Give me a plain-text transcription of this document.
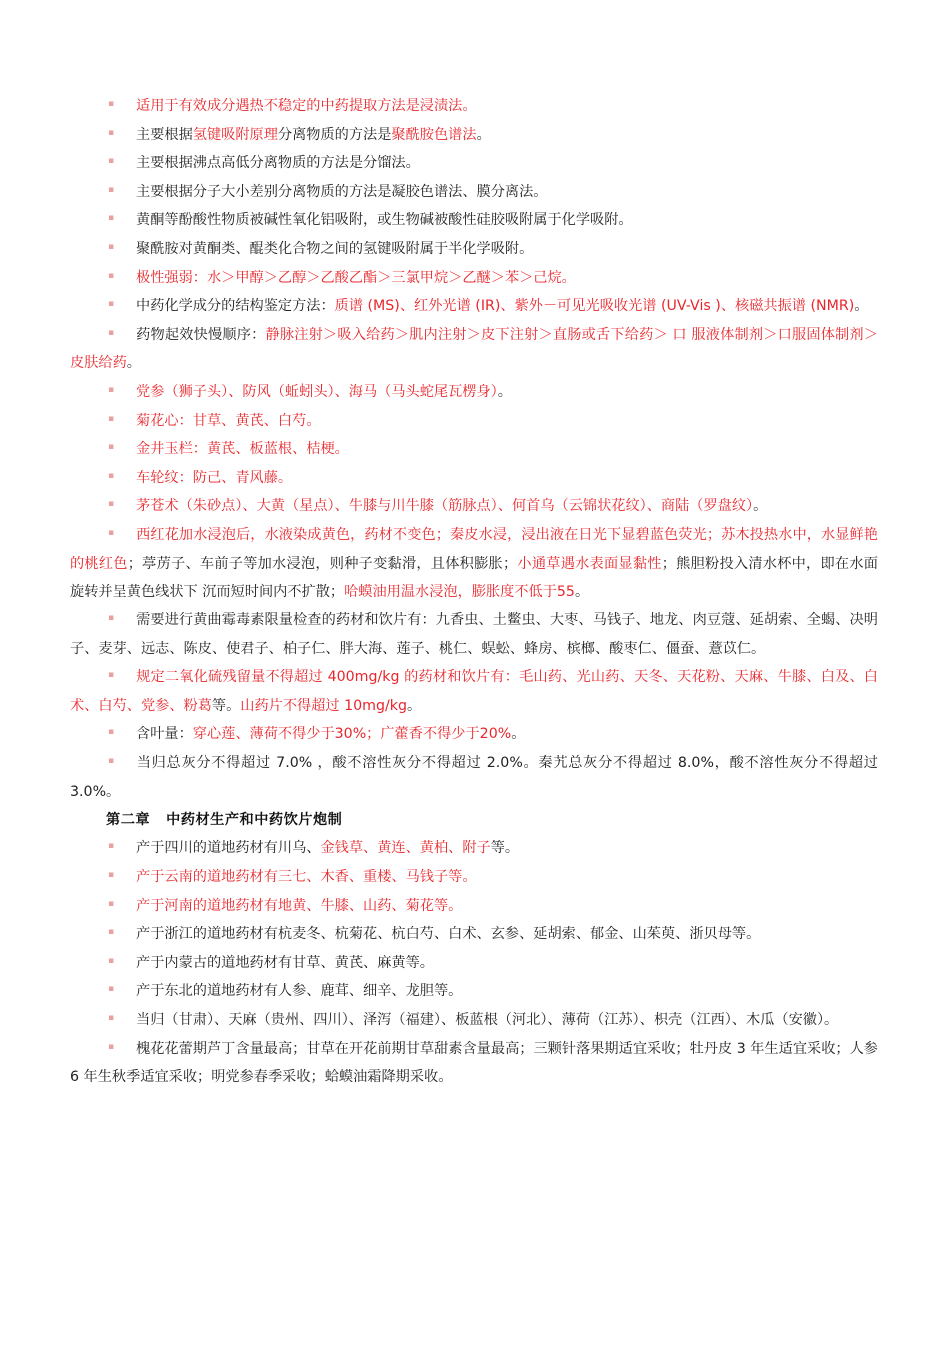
▪ 适用于有效成分遇热不稳定的中药提取方法是浸渍法。

▪ 主要根据氢键吸附原理分离物质的方法是聚酰胺色谱法。

▪ 主要根据沸点高低分离物质的方法是分馏法。

▪ 主要根据分子大小差别分离物质的方法是凝胶色谱法、膜分离法。

▪ 黄酮等酚酸性物质被碱性氧化铝吸附，或生物碱被酸性硅胶吸附属于化学吸附。

▪ 聚酰胺对黄酮类、醌类化合物之间的氢键吸附属于半化学吸附。

▪ 极性强弱：水＞甲醇＞乙醇＞乙酸乙酯＞三氯甲烷＞乙醚＞苯＞己烷。

▪ 中药化学成分的结构鉴定方法：质谱 (MS)、红外光谱 (IR)、紫外－可见光吸收光谱 (UV-Vis )、核磁共振谱 (NMR)。

▪ 药物起效快慢顺序：静脉注射＞吸入给药＞肌内注射＞皮下注射＞直肠或舌下给药＞ 口 服液体制剂＞口服固体制剂＞皮肤给药。

▪ 党参（狮子头）、防风（蚯蚓头）、海马（马头蛇尾瓦楞身）。

▪ 菊花心：甘草、黄芪、白芍。

▪ 金井玉栏：黄芪、板蓝根、桔梗。

▪ 车轮纹：防己、青风藤。

▪ 茅苍术（朱砂点）、大黄（星点）、牛膝与川牛膝（筋脉点）、何首乌（云锦状花纹）、商陆（罗盘纹）。

▪ 西红花加水浸泡后，水液染成黄色，药材不变色；秦皮水浸，浸出液在日光下显碧蓝色荧光；苏木投热水中，水显鲜艳的桃红色；葶苈子、车前子等加水浸泡，则种子变黏滑，且体积膨胀；小通草遇水表面显黏性；熊胆粉投入清水杯中，即在水面旋转并呈黄色线状下 沉而短时间内不扩散；哈蟆油用温水浸泡，膨胀度不低于55。

▪ 需要进行黄曲霉毒素限量检查的药材和饮片有：九香虫、土鳖虫、大枣、马钱子、地龙、肉豆蔻、延胡索、全蝎、决明子、麦芽、远志、陈皮、使君子、柏子仁、胖大海、莲子、桃仁、蜈蚣、蜂房、槟榔、酸枣仁、僵蚕、薏苡仁。

▪ 规定二氧化硫残留量不得超过 400mg/kg 的药材和饮片有：毛山药、光山药、天冬、天花粉、天麻、牛膝、白及、白术、白芍、党参、粉葛等。山药片不得超过 10mg/kg。

▪ 含叶量：穿心莲、薄荷不得少于30%；广藿香不得少于20%。

▪ 当归总灰分不得超过 7.0% ，酸不溶性灰分不得超过 2.0%。秦艽总灰分不得超过 8.0%，酸不溶性灰分不得超过 3.0%。

第二章 中药材生产和中药饮片炮制

▪ 产于四川的道地药材有川乌、金钱草、黄连、黄柏、附子等。

▪ 产于云南的道地药材有三七、木香、重楼、马钱子等。

▪ 产于河南的道地药材有地黄、牛膝、山药、菊花等。

▪ 产于浙江的道地药材有杭麦冬、杭菊花、杭白芍、白术、玄参、延胡索、郁金、山茱萸、浙贝母等。

▪ 产于内蒙古的道地药材有甘草、黄芪、麻黄等。

▪ 产于东北的道地药材有人参、鹿茸、细辛、龙胆等。

▪ 当归（甘肃）、天麻（贵州、四川）、泽泻（福建）、板蓝根（河北）、薄荷（江苏）、枳壳（江西）、木瓜（安徽）。

▪ 槐花花蕾期芦丁含量最高；甘草在开花前期甘草甜素含量最高；三颗针落果期适宜采收；牡丹皮 3 年生适宜采收；人参 6 年生秋季适宜采收；明党参春季采收；蛤蟆油霜降期采收。
